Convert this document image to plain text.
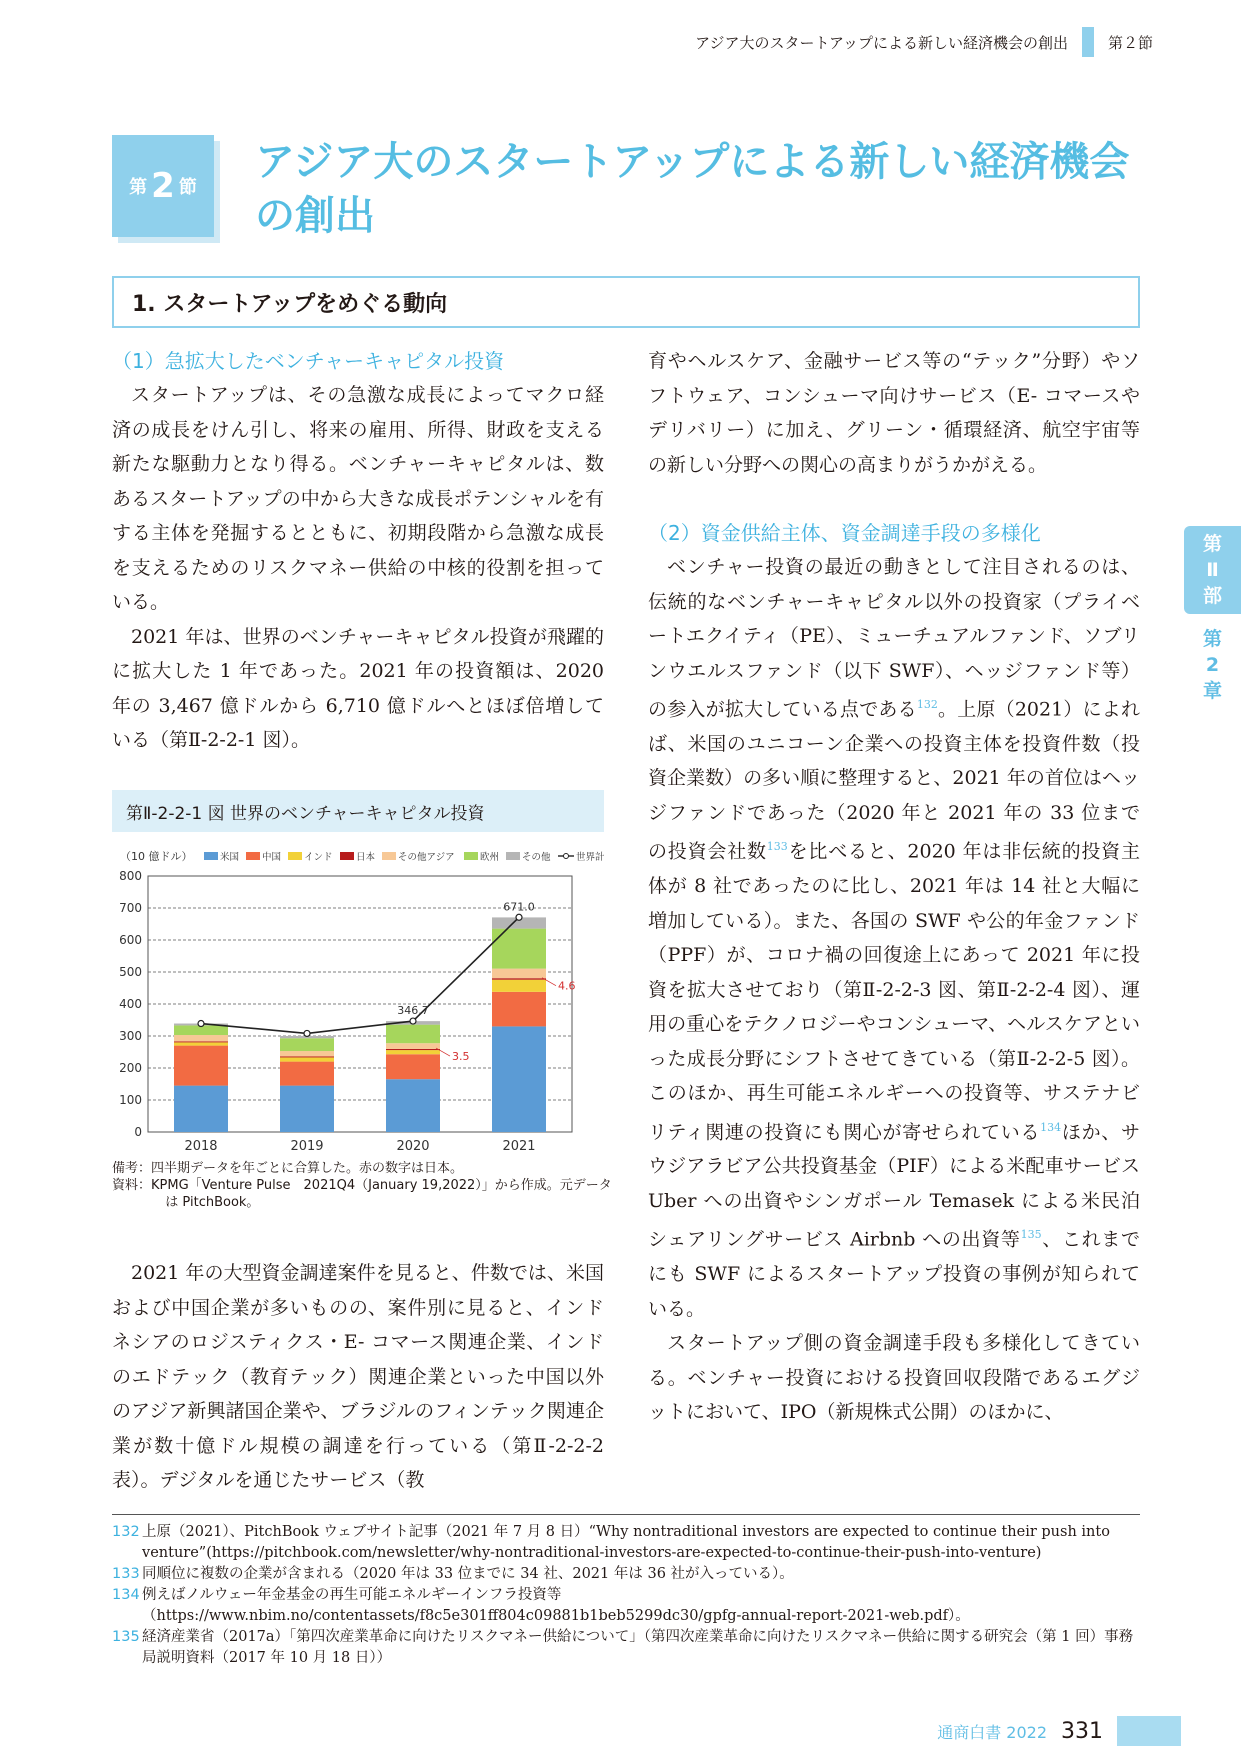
アジア大のスタートアップによる新しい経済機会の創出	第２節
第 2 節
アジア大のスタートアップによる新しい経済機会の創出
1. スタートアップをめぐる動向
（1）急拡大したベンチャーキャピタル投資

スタートアップは、その急激な成長によってマクロ経済の成長をけん引し、将来の雇用、所得、財政を支える新たな駆動力となり得る。ベンチャーキャピタルは、数あるスタートアップの中から大きな成長ポテンシャルを有する主体を発掘するとともに、初期段階から急激な成長を支えるためのリスクマネー供給の中核的役割を担っている。

2021 年は、世界のベンチャーキャピタル投資が飛躍的に拡大した 1 年であった。2021 年の投資額は、2020 年の 3,467 億ドルから 6,710 億ドルへとほぼ倍増している（第Ⅱ-2-2-1 図）。

第Ⅱ-2-2-1 図 世界のベンチャーキャピタル投資
（10 億ドル）	米国 中国 インド 日本 その他アジア	欧州 その他	世界計
0
100
200
300
400
500
600
700
800
2018	2019	2020	2021
671.0
346.7
4.6
3.5
備考：四半期データを年ごとに合算した。赤の数字は日本。
資料：KPMG「Venture Pulse　2021Q4（January 19,2022）」から作成。元データは PitchBook。

2021 年の大型資金調達案件を見ると、件数では、米国および中国企業が多いものの、案件別に見ると、インドネシアのロジスティクス・E- コマース関連企業、インドのエドテック（教育テック）関連企業といった中国以外のアジア新興諸国企業や、ブラジルのフィンテック関連企業が数十億ドル規模の調達を行っている（第Ⅱ-2-2-2 表）。デジタルを通じたサービス（教

育やヘルスケア、金融サービス等の“テック”分野）やソフトウェア、コンシューマ向けサービス（E- コマースやデリバリー）に加え、グリーン・循環経済、航空宇宙等の新しい分野への関心の高まりがうかがえる。

（2）資金供給主体、資金調達手段の多様化

ベンチャー投資の最近の動きとして注目されるのは、伝統的なベンチャーキャピタル以外の投資家（プライベートエクイティ（PE）、ミューチュアルファンド、ソブリンウエルスファンド（以下 SWF）、ヘッジファンド等）の参入が拡大している点である$^{132}$。上原（2021）によれば、米国のユニコーン企業への投資主体を投資件数（投資企業数）の多い順に整理すると、2021 年の首位はヘッジファンドであった（2020 年と 2021 年の 33 位までの投資会社数$^{133}$を比べると、2020 年は非伝統的投資主体が 8 社であったのに比し、2021 年は 14 社と大幅に増加している）。また、各国の SWF や公的年金ファンド（PPF）が、コロナ禍の回復途上にあって 2021 年に投資を拡大させており（第Ⅱ-2-2-3 図、第Ⅱ-2-2-4 図）、運用の重心をテクノロジーやコンシューマ、ヘルスケアといった成長分野にシフトさせてきている（第Ⅱ-2-2-5 図）。このほか、再生可能エネルギーへの投資等、サステナビリティ関連の投資にも関心が寄せられている$^{134}$ほか、サウジアラビア公共投資基金（PIF）による米配車サービス Uber への出資やシンガポール Temasek による米民泊シェアリングサービス Airbnb への出資等$^{135}$、これまでにも SWF によるスタートアップ投資の事例が知られている。

スタートアップ側の資金調達手段も多様化してきている。ベンチャー投資における投資回収段階であるエグジットにおいて、IPO（新規株式公開）のほかに、

132 上原（2021）、PitchBook ウェブサイト記事（2021 年 7 月 8 日）“Why nontraditional investors are expected to continue their push into venture”(https://pitchbook.com/newsletter/why-nontraditional-investors-are-expected-to-continue-their-push-into-venture)
133 同順位に複数の企業が含まれる（2020 年は 33 位までに 34 社、2021 年は 36 社が入っている）。
134 例えばノルウェー年金基金の再生可能エネルギーインフラ投資等（https://www.nbim.no/contentassets/f8c5e301ff804c09881b1beb5299dc30/gpfg-annual-report-2021-web.pdf）。
135 経済産業省（2017a）「第四次産業革命に向けたリスクマネー供給について」（第四次産業革命に向けたリスクマネー供給に関する研究会（第 1 回）事務局説明資料（2017 年 10 月 18 日））
第
Ⅱ
部
第
2
章
通商白書 2022 331
